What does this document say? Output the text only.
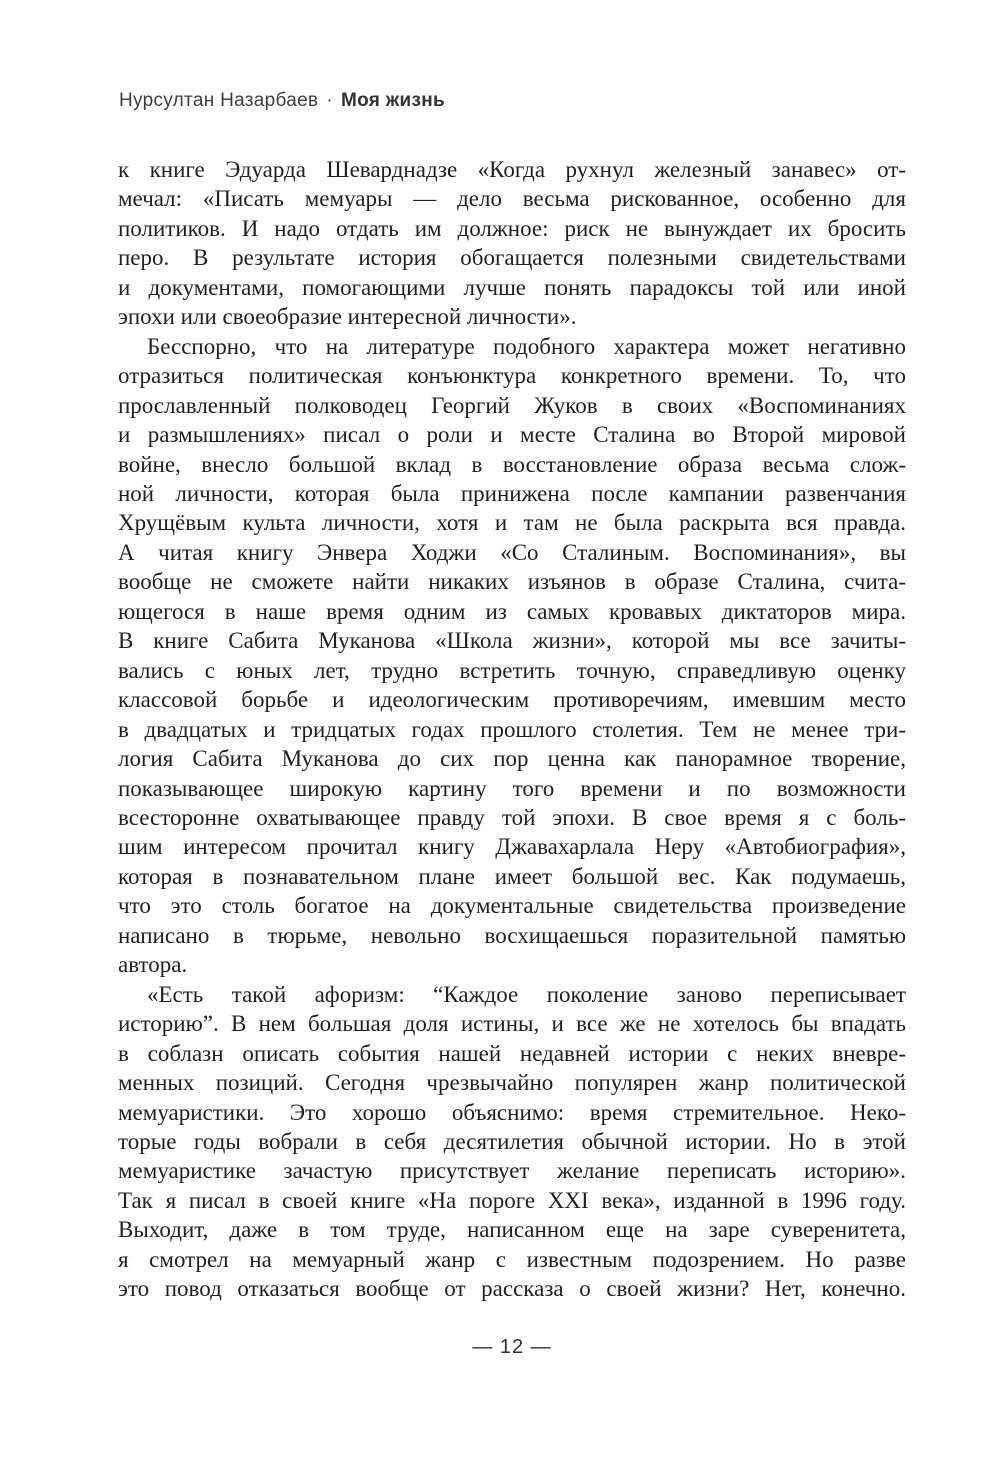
Нурсултан Назарбаев · Моя жизнь
к книге Эдуарда Шеварднадзе «Когда рухнул железный занавес» от-
мечал: «Писать мемуары — дело весьма рискованное, особенно для
политиков. И надо отдать им должное: риск не вынуждает их бросить
перо. В результате история обогащается полезными свидетельствами
и документами, помогающими лучше понять парадоксы той или иной
эпохи или своеобразие интересной личности».
Бесспорно, что на литературе подобного характера может негативно
отразиться политическая конъюнктура конкретного времени. То, что
прославленный полководец Георгий Жуков в своих «Воспоминаниях
и размышлениях» писал о роли и месте Сталина во Второй мировой
войне, внесло большой вклад в восстановление образа весьма слож-
ной личности, которая была принижена после кампании развенчания
Хрущёвым культа личности, хотя и там не была раскрыта вся правда.
А читая книгу Энвера Ходжи «Со Сталиным. Воспоминания», вы
вообще не сможете найти никаких изъянов в образе Сталина, счита-
ющегося в наше время одним из самых кровавых диктаторов мира.
В книге Сабита Муканова «Школа жизни», которой мы все зачиты-
вались с юных лет, трудно встретить точную, справедливую оценку
классовой борьбе и идеологическим противоречиям, имевшим место
в двадцатых и тридцатых годах прошлого столетия. Тем не менее три-
логия Сабита Муканова до сих пор ценна как панорамное творение,
показывающее широкую картину того времени и по возможности
всесторонне охватывающее правду той эпохи. В свое время я с боль-
шим интересом прочитал книгу Джавахарлала Неру «Автобиография»,
которая в познавательном плане имеет большой вес. Как подумаешь,
что это столь богатое на документальные свидетельства произведение
написано в тюрьме, невольно восхищаешься поразительной памятью
автора.
«Есть такой афоризм: “Каждое поколение заново переписывает
историю”. В нем большая доля истины, и все же не хотелось бы впадать
в соблазн описать события нашей недавней истории с неких вневре-
менных позиций. Сегодня чрезвычайно популярен жанр политической
мемуаристики. Это хорошо объяснимо: время стремительное. Неко-
торые годы вобрали в себя десятилетия обычной истории. Но в этой
мемуаристике зачастую присутствует желание переписать историю».
Так я писал в своей книге «На пороге XXI века», изданной в 1996 году.
Выходит, даже в том труде, написанном еще на заре суверенитета,
я смотрел на мемуарный жанр с известным подозрением. Но разве
это повод отказаться вообще от рассказа о своей жизни? Нет, конечно.
— 12 —
